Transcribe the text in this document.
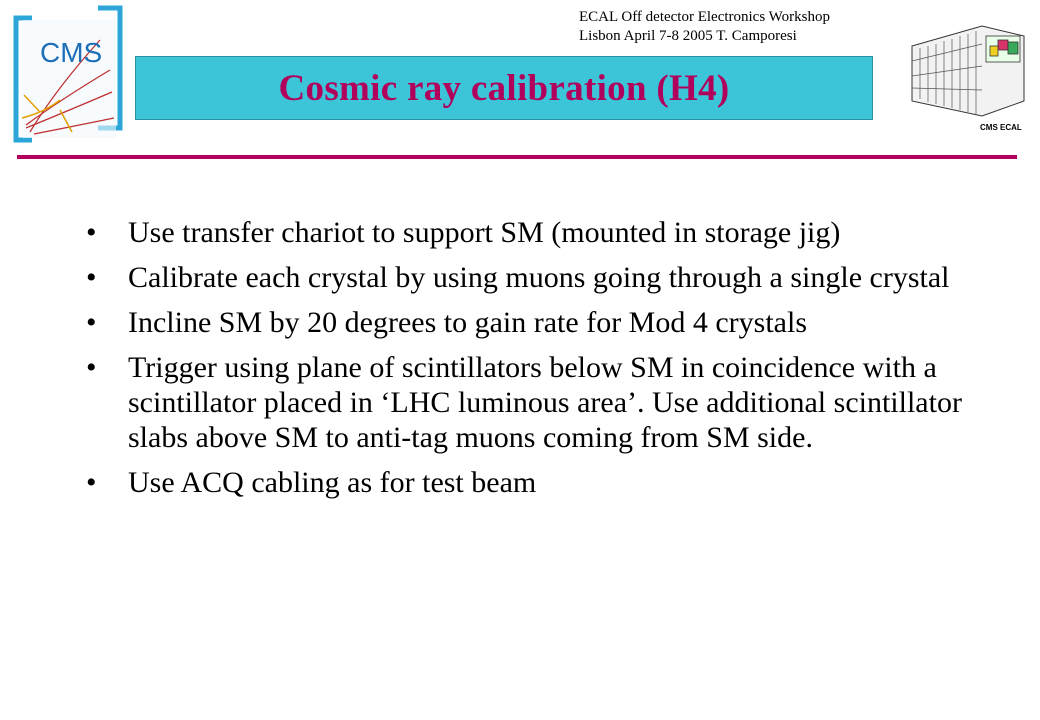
CMS
ECAL Off detector Electronics Workshop
Lisbon April 7-8 2005 T. Camporesi
Cosmic ray calibration (H4)
CMS ECAL
• Use transfer chariot to support SM (mounted in storage jig)
• Calibrate each crystal by using muons going through a single crystal
• Incline SM by 20 degrees to gain rate for Mod 4 crystals
• Trigger using plane of scintillators below SM in coincidence with a scintillator placed in ‘LHC luminous area’. Use additional scintillator slabs above SM to anti-tag muons coming from SM side.
• Use ACQ cabling as for test beam
